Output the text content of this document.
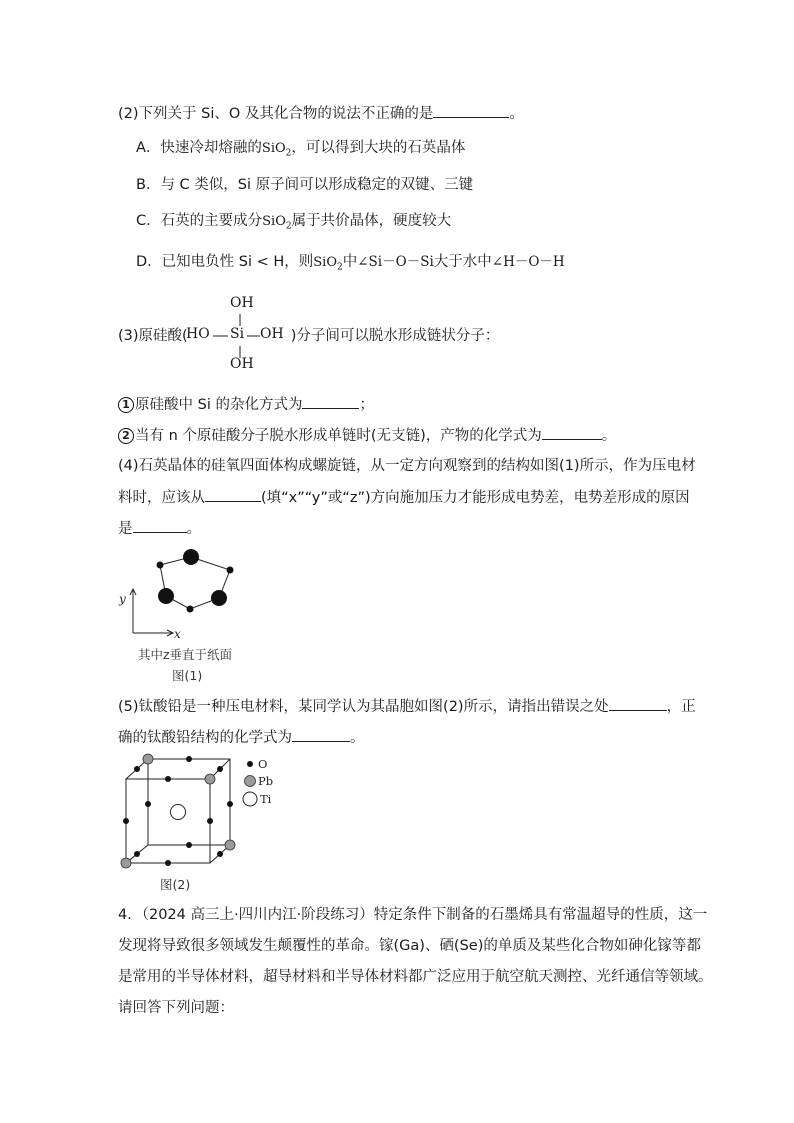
(2)下列关于 Si、O 及其化合物的说法不正确的是	。
A．快速冷却熔融的SiO$_2$，可以得到大块的石英晶体
B．与 C 类似，Si 原子间可以形成稳定的双键、三键
C．石英的主要成分SiO$_2$属于共价晶体，硬度较大
D．已知电负性 Si < H，则SiO$_2$中∠Si－O－Si大于水中∠H－O－H
(3)原硅酸(	)分子间可以脱水形成链状分子：
OH
HO Si OH
OH
1 原硅酸中 Si 的杂化方式为	；
2 当有 n 个原硅酸分子脱水形成单链时(无支链)，产物的化学式为	。
(4)石英晶体的硅氧四面体构成螺旋链，从一定方向观察到的结构如图(1)所示，作为压电材
料时，应该从	(填“x”“y”或“z”)方向施加压力才能形成电势差，电势差形成的原因
是	。
y
x
其中z垂直于纸面
图(1)
(5)钛酸铅是一种压电材料，某同学认为其晶胞如图(2)所示，请指出错误之处	，正
确的钛酸铅结构的化学式为	。
O
Pb
Ti
图(2)
4．（2024 高三上·四川内江·阶段练习）特定条件下制备的石墨烯具有常温超导的性质，这一
发现将导致很多领域发生颠覆性的革命。镓(Ga)、硒(Se)的单质及某些化合物如砷化镓等都
是常用的半导体材料，超导材料和半导体材料都广泛应用于航空航天测控、光纤通信等领域。
请回答下列问题：
